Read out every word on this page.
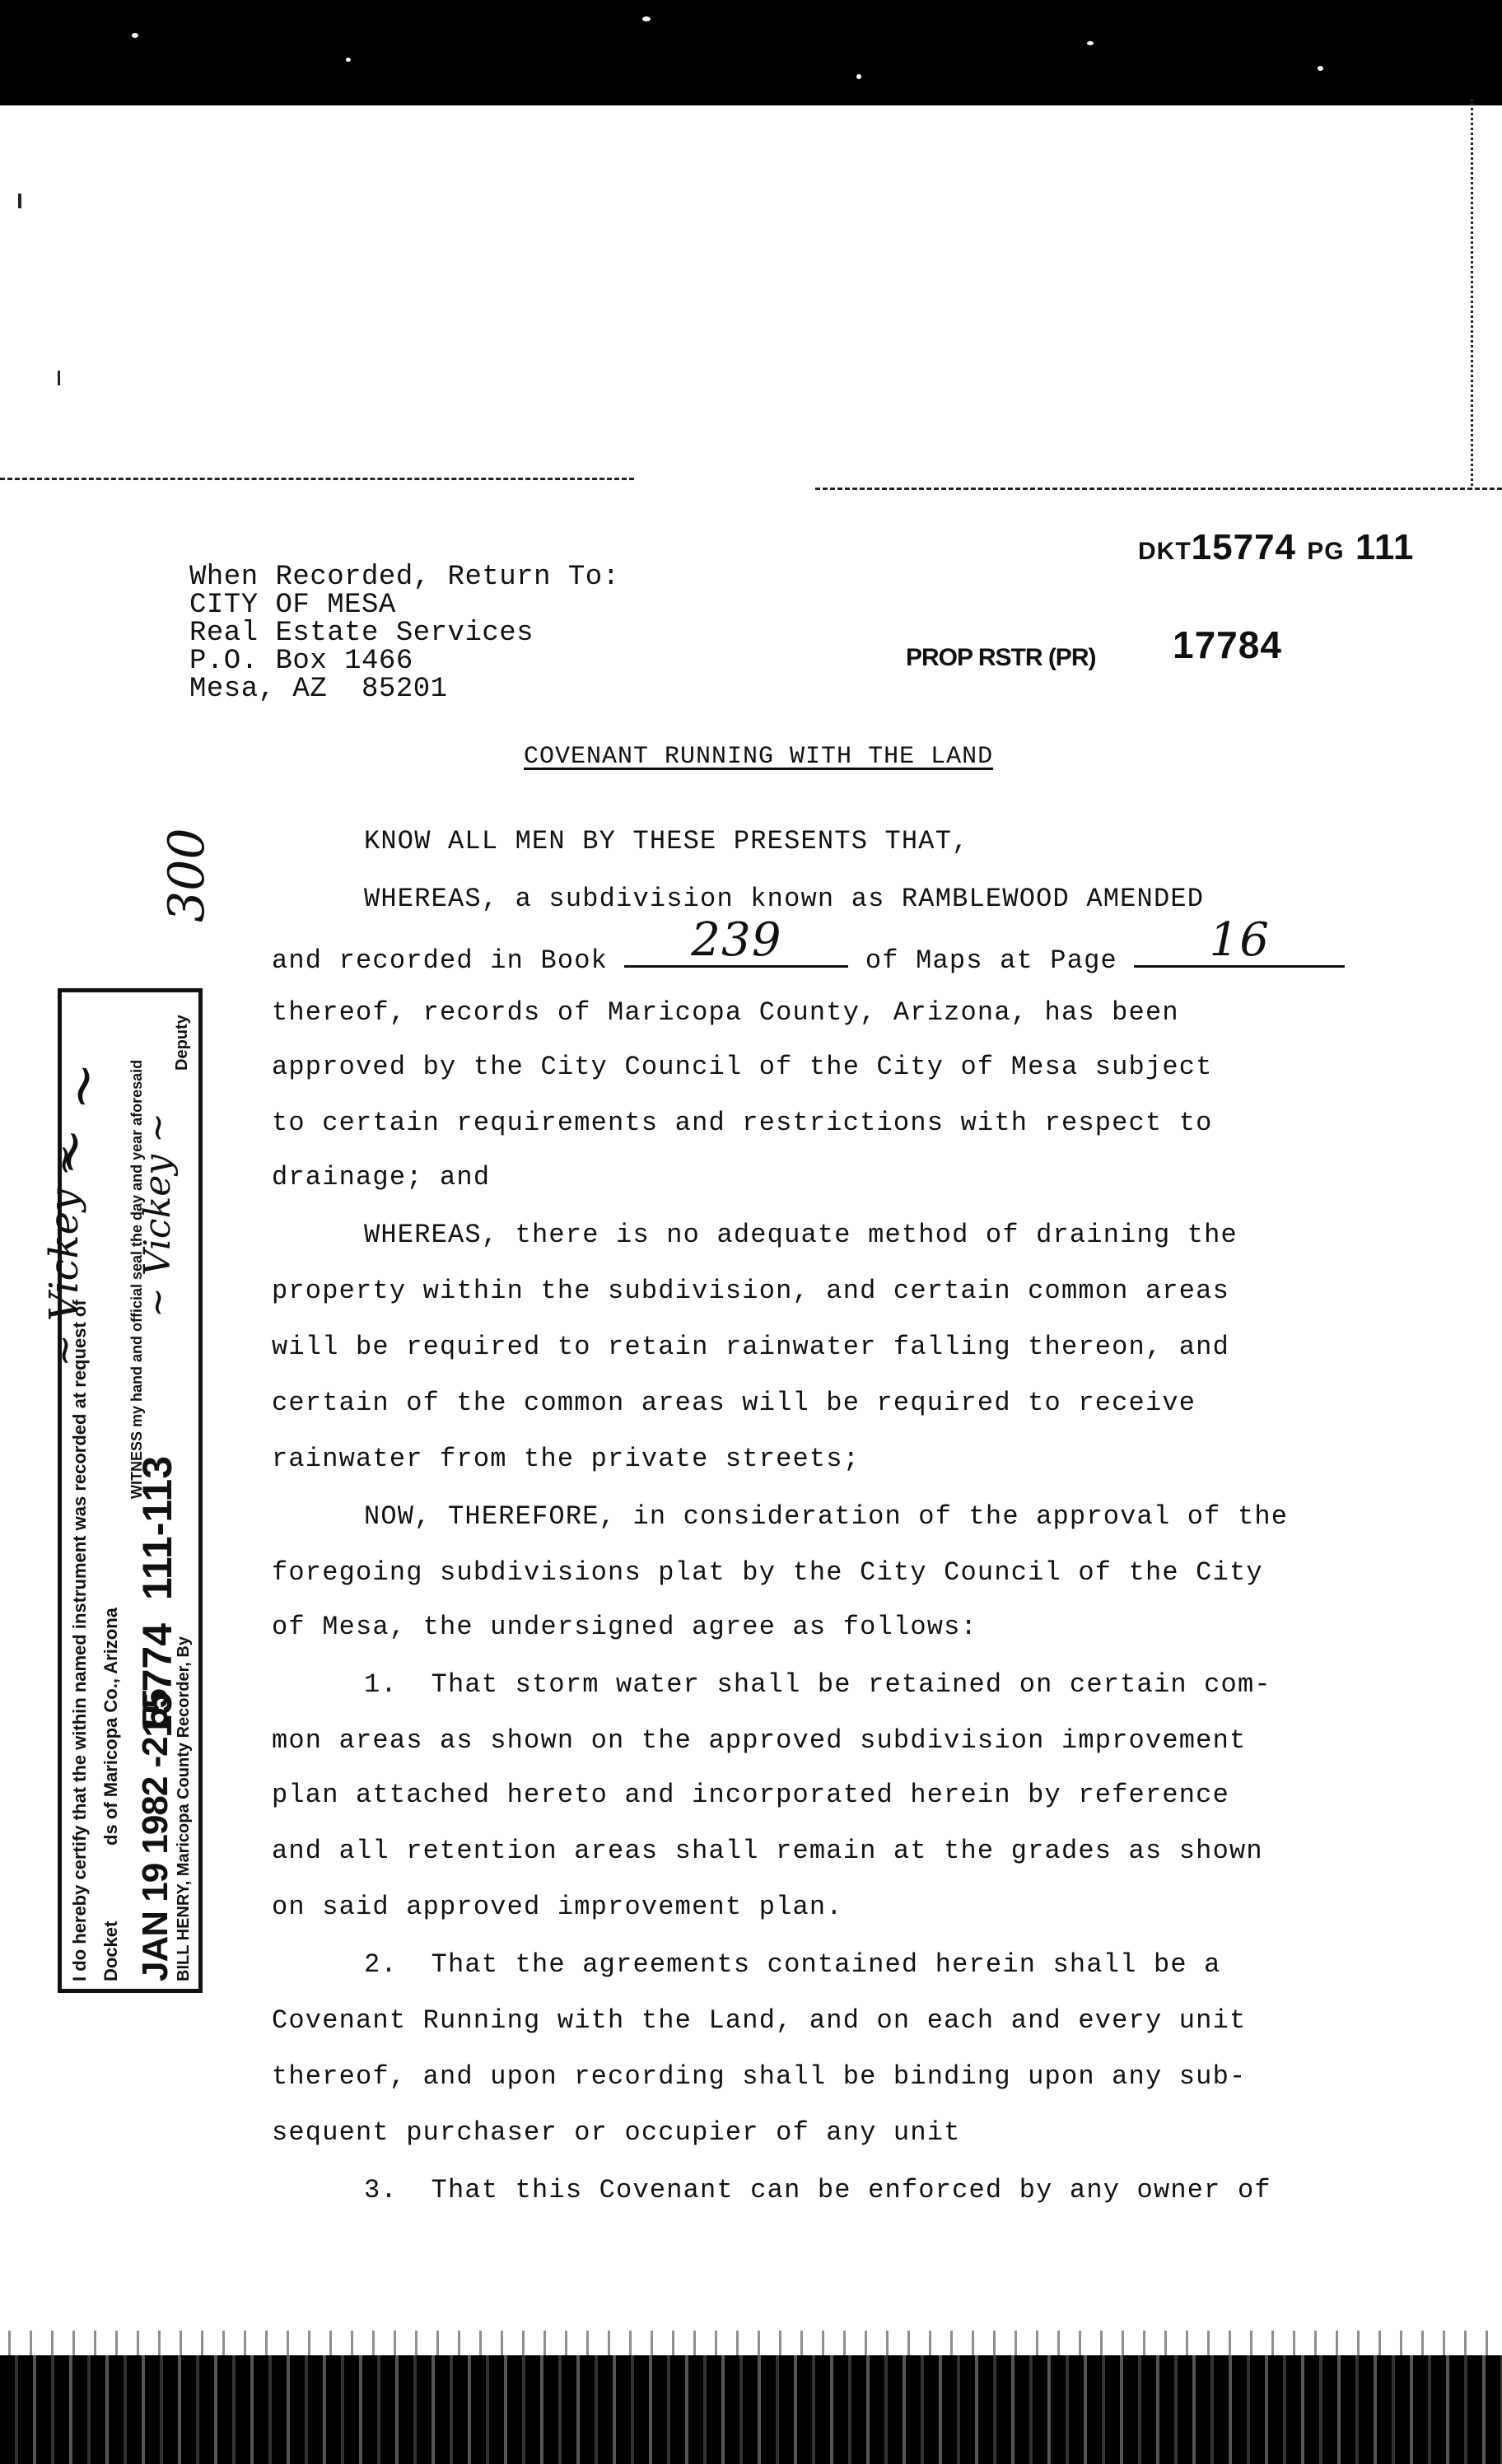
When Recorded, Return To:
CITY OF MESA
Real Estate Services
P.O. Box 1466
Mesa, AZ  85201
DKT15774 PG 111
PROP RSTR (PR) 17784
COVENANT RUNNING WITH THE LAND
KNOW ALL MEN BY THESE PRESENTS THAT,
WHEREAS, a subdivision known as RAMBLEWOOD AMENDED
and recorded in Book	239	of Maps at Page	16
thereof, records of Maricopa County, Arizona, has been
approved by the City Council of the City of Mesa subject
to certain requirements and restrictions with respect to
drainage; and
WHEREAS, there is no adequate method of draining the
property within the subdivision, and certain common areas
will be required to retain rainwater falling thereon, and
certain of the common areas will be required to receive
rainwater from the private streets;
NOW, THEREFORE, in consideration of the approval of the
foregoing subdivisions plat by the City Council of the City
of Mesa, the undersigned agree as follows:
1.  That storm water shall be retained on certain com-
mon areas as shown on the approved subdivision improvement
plan attached hereto and incorporated herein by reference
and all retention areas shall remain at the grades as shown
on said approved improvement plan.
2.  That the agreements contained herein shall be a
Covenant Running with the Land, and on each and every unit
thereof, and upon recording shall be binding upon any sub-
sequent purchaser or occupier of any unit
3.  That this Covenant can be enforced by any owner of
I do hereby certify that the within named instrument was recorded at request of Docket               ds of Maricopa Co., Arizona JAN 19 1982 -2 55 BILL HENRY, Maricopa County Recorder, By
WITNESS my hand and official seal the day and year aforesaid
Deputy
15774  111-113
~ Vickey ~ ~ Vickey ~
300
~ ~
